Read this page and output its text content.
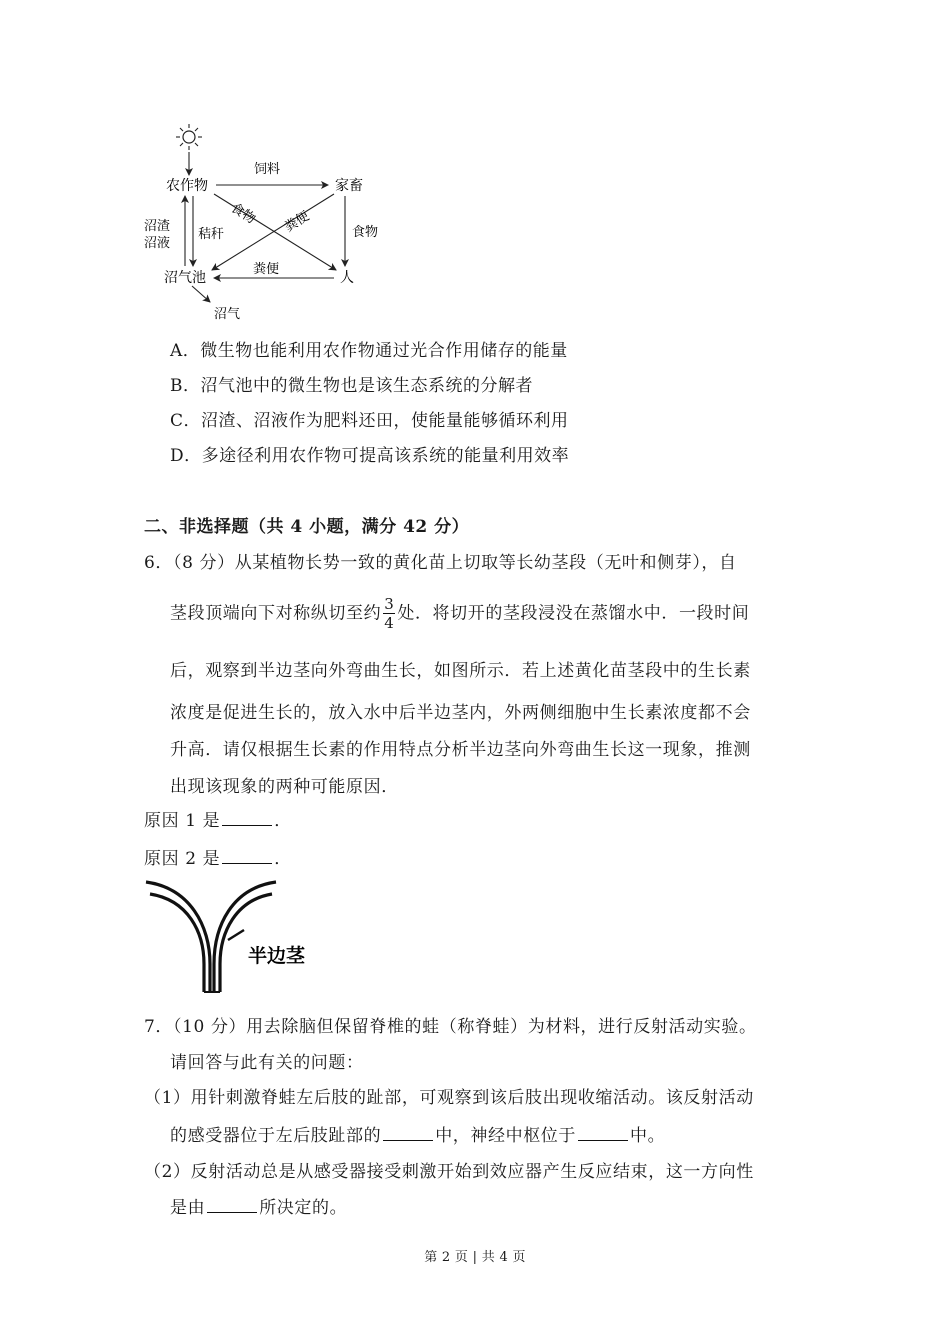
农作物	家畜
沼气池	人
饲料
食物
粪便
食物 粪便
秸秆
沼渣
沼液
沼气
A．微生物也能利用农作物通过光合作用储存的能量
B．沼气池中的微生物也是该生态系统的分解者
C．沼渣、沼液作为肥料还田，使能量能够循环利用
D．多途径利用农作物可提高该系统的能量利用效率
二、非选择题（共 4 小题，满分 42 分）
6．（8 分）从某植物长势一致的黄化苗上切取等长幼茎段（无叶和侧芽），自
茎段顶端向下对称纵切至约 $\frac{3}{4}$ 处．将切开的茎段浸没在蒸馏水中．一段时间
后，观察到半边茎向外弯曲生长，如图所示．若上述黄化苗茎段中的生长素
浓度是促进生长的，放入水中后半边茎内，外两侧细胞中生长素浓度都不会
升高．请仅根据生长素的作用特点分析半边茎向外弯曲生长这一现象，推测
出现该现象的两种可能原因．
原因 1 是	．
原因 2 是	．
半边茎
7．（10 分）用去除脑但保留脊椎的蛙（称脊蛙）为材料，进行反射活动实验。
请回答与此有关的问题：
（1）用针刺激脊蛙左后肢的趾部，可观察到该后肢出现收缩活动。该反射活动
的感受器位于左后肢趾部的	中，神经中枢位于	中。
（2）反射活动总是从感受器接受刺激开始到效应器产生反应结束，这一方向性
是由	所决定的。
第 2 页 | 共 4 页
